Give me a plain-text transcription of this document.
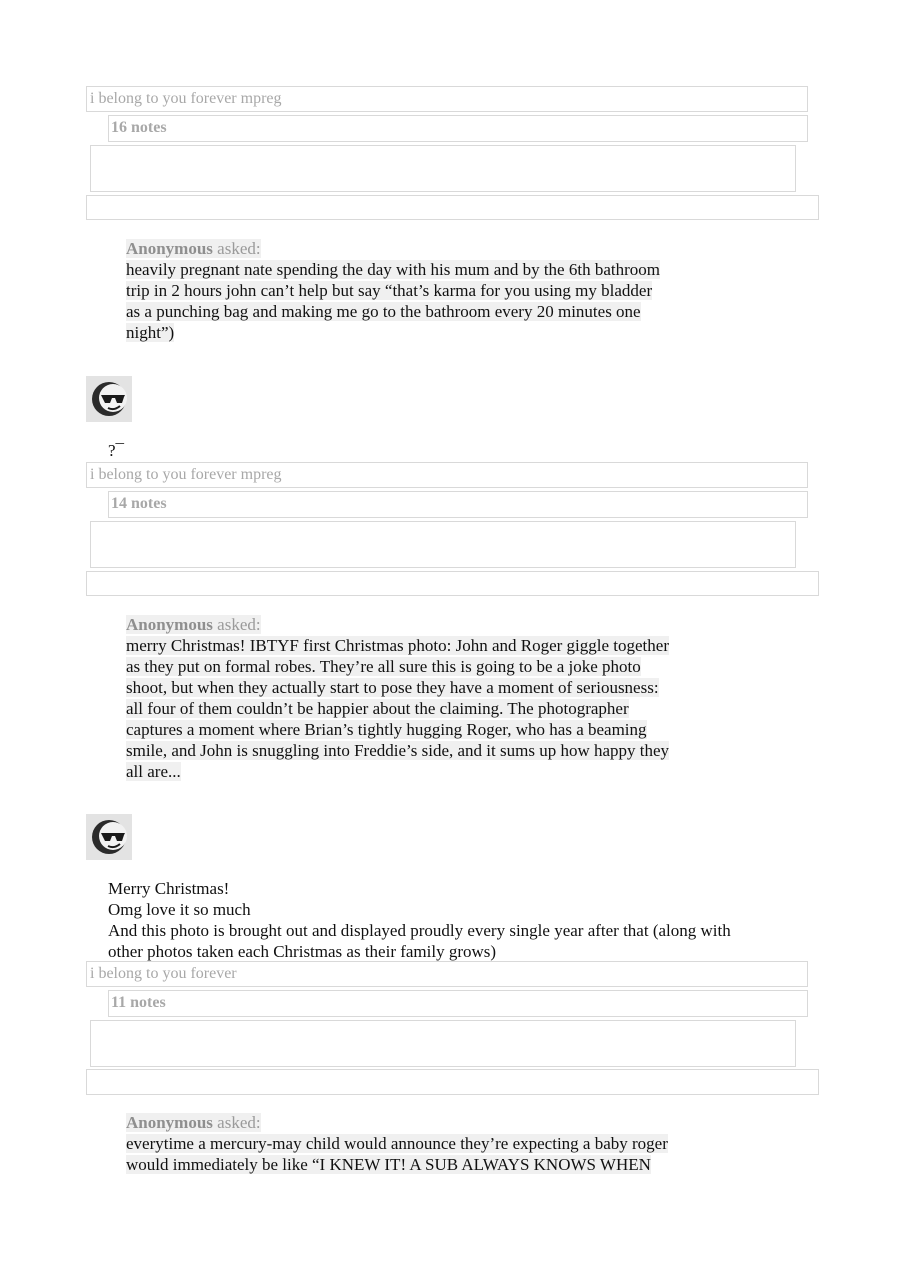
i belong to you forever mpreg
16 notes
Anonymous asked:
heavily pregnant nate spending the day with his mum and by the 6th bathroom
trip in 2 hours john can’t help but say “that’s karma for you using my bladder
as a punching bag and making me go to the bathroom every 20 minutes one
night”)
?¯
i belong to you forever mpreg
14 notes
Anonymous asked:
merry Christmas! IBTYF first Christmas photo: John and Roger giggle together
as they put on formal robes. They’re all sure this is going to be a joke photo
shoot, but when they actually start to pose they have a moment of seriousness:
all four of them couldn’t be happier about the claiming. The photographer
captures a moment where Brian’s tightly hugging Roger, who has a beaming
smile, and John is snuggling into Freddie’s side, and it sums up how happy they
all are...
Merry Christmas!
Omg love it so much
And this photo is brought out and displayed proudly every single year after that (along with
other photos taken each Christmas as their family grows)
i belong to you forever
11 notes
Anonymous asked:
everytime a mercury-may child would announce they’re expecting a baby roger
would immediately be like “I KNEW IT! A SUB ALWAYS KNOWS WHEN
